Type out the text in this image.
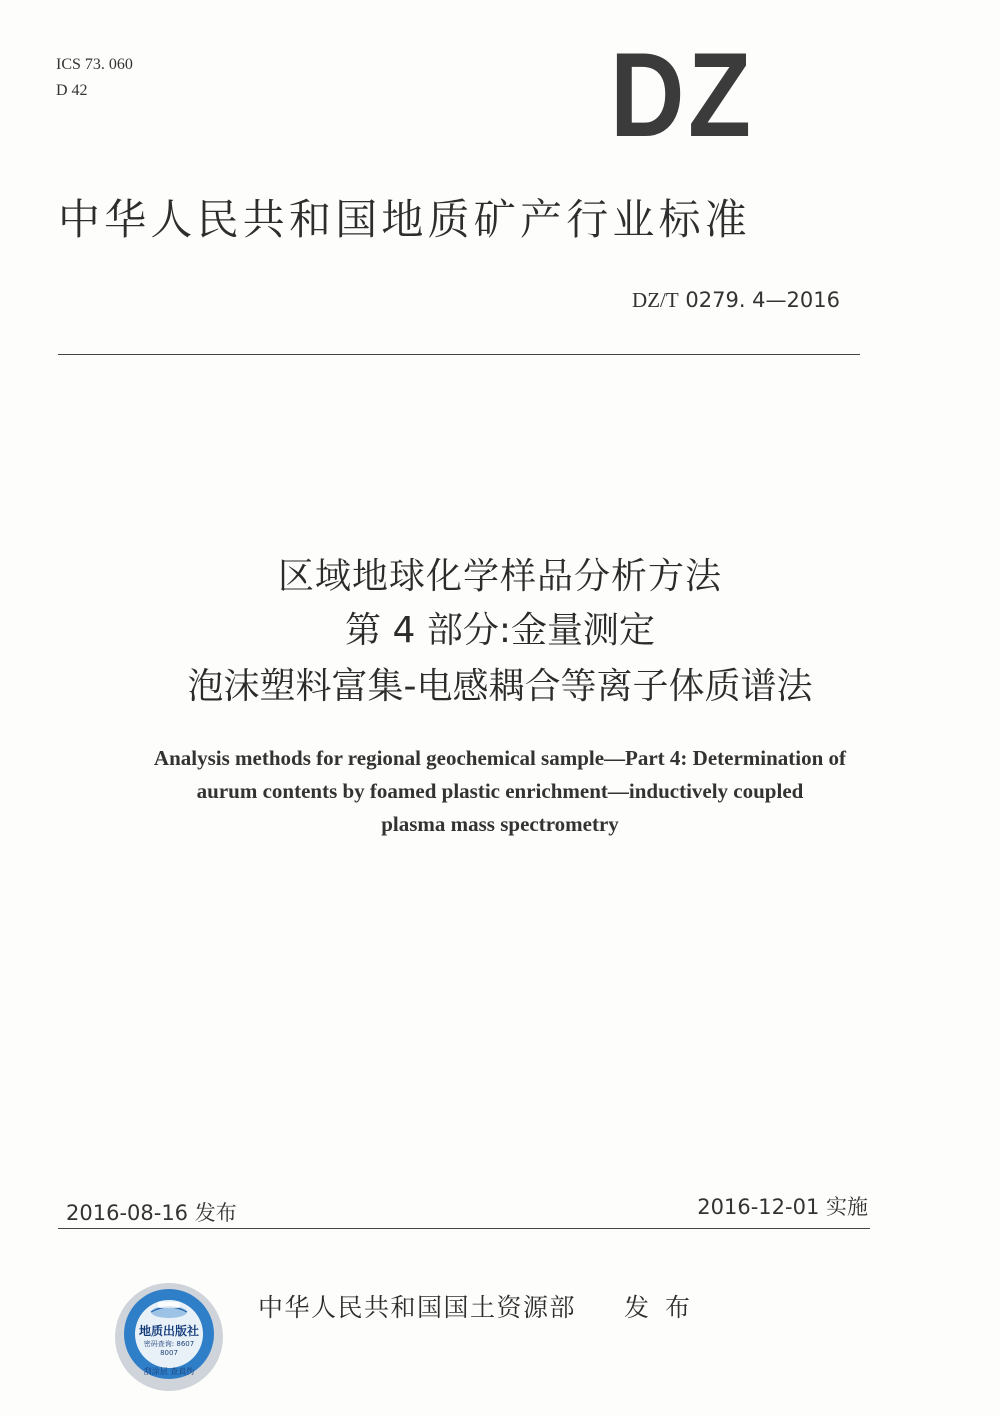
ICS 73. 060
D 42	DZ
中华人民共和国地质矿产行业标准
DZ/T 0279. 4—2016
区域地球化学样品分析方法
第 4 部分:金量测定
泡沫塑料富集-电感耦合等离子体质谱法
Analysis methods for regional geochemical sample—Part 4: Determination of
aurum contents by foamed plastic enrichment—inductively coupled
plasma mass spectrometry
2016-08-16 发布	2016-12-01 实施
地质出版社
密码查询: 8607
8007
刮涂层 查真伪
中华人民共和国国土资源部 发布
